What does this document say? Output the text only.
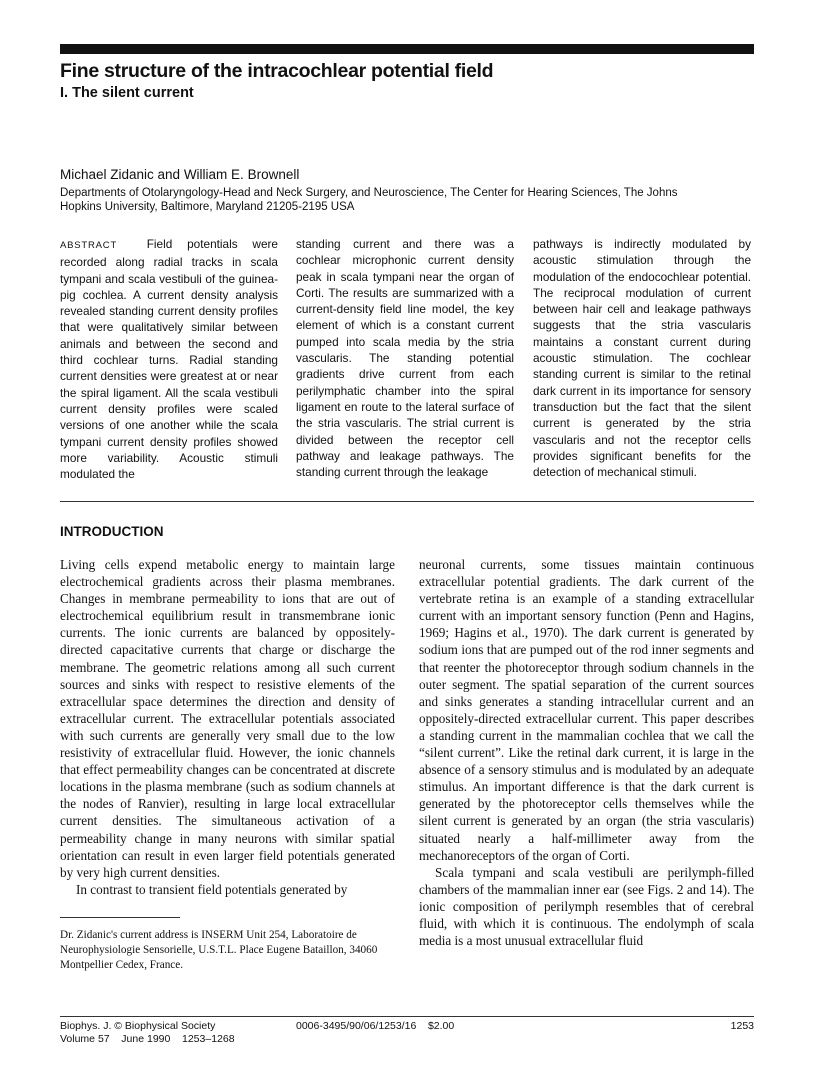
Fine structure of the intracochlear potential field
I. The silent current
Michael Zidanic and William E. Brownell
Departments of Otolaryngology-Head and Neck Surgery, and Neuroscience, The Center for Hearing Sciences, The Johns Hopkins University, Baltimore, Maryland 21205-2195 USA
ABSTRACT	Field potentials were recorded along radial tracks in scala tympani and scala vestibuli of the guinea-pig cochlea. A current density analysis revealed standing current density profiles that were qualitatively similar between animals and between the second and third cochlear turns. Radial standing current densities were greatest at or near the spiral ligament. All the scala vestibuli current density profiles were scaled versions of one another while the scala tympani current density profiles showed more variability. Acoustic stimuli modulated the
standing current and there was a cochlear microphonic current density peak in scala tympani near the organ of Corti. The results are summarized with a current-density field line model, the key element of which is a constant current pumped into scala media by the stria vascularis. The standing potential gradients drive current from each perilymphatic chamber into the spiral ligament en route to the lateral surface of the stria vascularis. The strial current is divided between the receptor cell pathway and leakage pathways. The standing current through the leakage
pathways is indirectly modulated by acoustic stimulation through the modulation of the endocochlear potential. The reciprocal modulation of current between hair cell and leakage pathways suggests that the stria vascularis maintains a constant current during acoustic stimulation. The cochlear standing current is similar to the retinal dark current in its importance for sensory transduction but the fact that the silent current is generated by the stria vascularis and not the receptor cells provides significant benefits for the detection of mechanical stimuli.
INTRODUCTION

Living cells expend metabolic energy to maintain large electrochemical gradients across their plasma membranes. Changes in membrane permeability to ions that are out of electrochemical equilibrium result in transmembrane ionic currents. The ionic currents are balanced by oppositely-directed capacitative currents that charge or discharge the membrane. The geometric relations among all such current sources and sinks with respect to resistive elements of the extracellular space determines the direction and density of extracellular current. The extracellular potentials associated with such currents are generally very small due to the low resistivity of extracellular fluid. However, the ionic channels that effect permeability changes can be concentrated at discrete locations in the plasma membrane (such as sodium channels at the nodes of Ranvier), resulting in large local extracellular current densities. The simultaneous activation of a permeability change in many neurons with similar spatial orientation can result in even larger field potentials generated by very high current densities.

In contrast to transient field potentials generated by

neuronal currents, some tissues maintain continuous extracellular potential gradients. The dark current of the vertebrate retina is an example of a standing extracellular current with an important sensory function (Penn and Hagins, 1969; Hagins et al., 1970). The dark current is generated by sodium ions that are pumped out of the rod inner segments and that reenter the photoreceptor through sodium channels in the outer segment. The spatial separation of the current sources and sinks generates a standing intracellular current and an oppositely-directed extracellular current. This paper describes a standing current in the mammalian cochlea that we call the “silent current”. Like the retinal dark current, it is large in the absence of a sensory stimulus and is modulated by an adequate stimulus. An important difference is that the dark current is generated by the photoreceptor cells themselves while the silent current is generated by an organ (the stria vascularis) situated nearly a half-millimeter away from the mechanoreceptors of the organ of Corti.

Scala tympani and scala vestibuli are perilymph-filled chambers of the mammalian inner ear (see Figs. 2 and 14). The ionic composition of perilymph resembles that of cerebral fluid, with which it is continuous. The endolymph of scala media is a most unusual extracellular fluid

Dr. Zidanic's current address is INSERM Unit 254, Laboratoire de Neurophysiologie Sensorielle, U.S.T.L. Place Eugene Bataillon, 34060 Montpellier Cedex, France.
Biophys. J. © Biophysical Society
Volume 57    June 1990    1253–1268
0006-3495/90/06/1253/16    $2.00	1253
